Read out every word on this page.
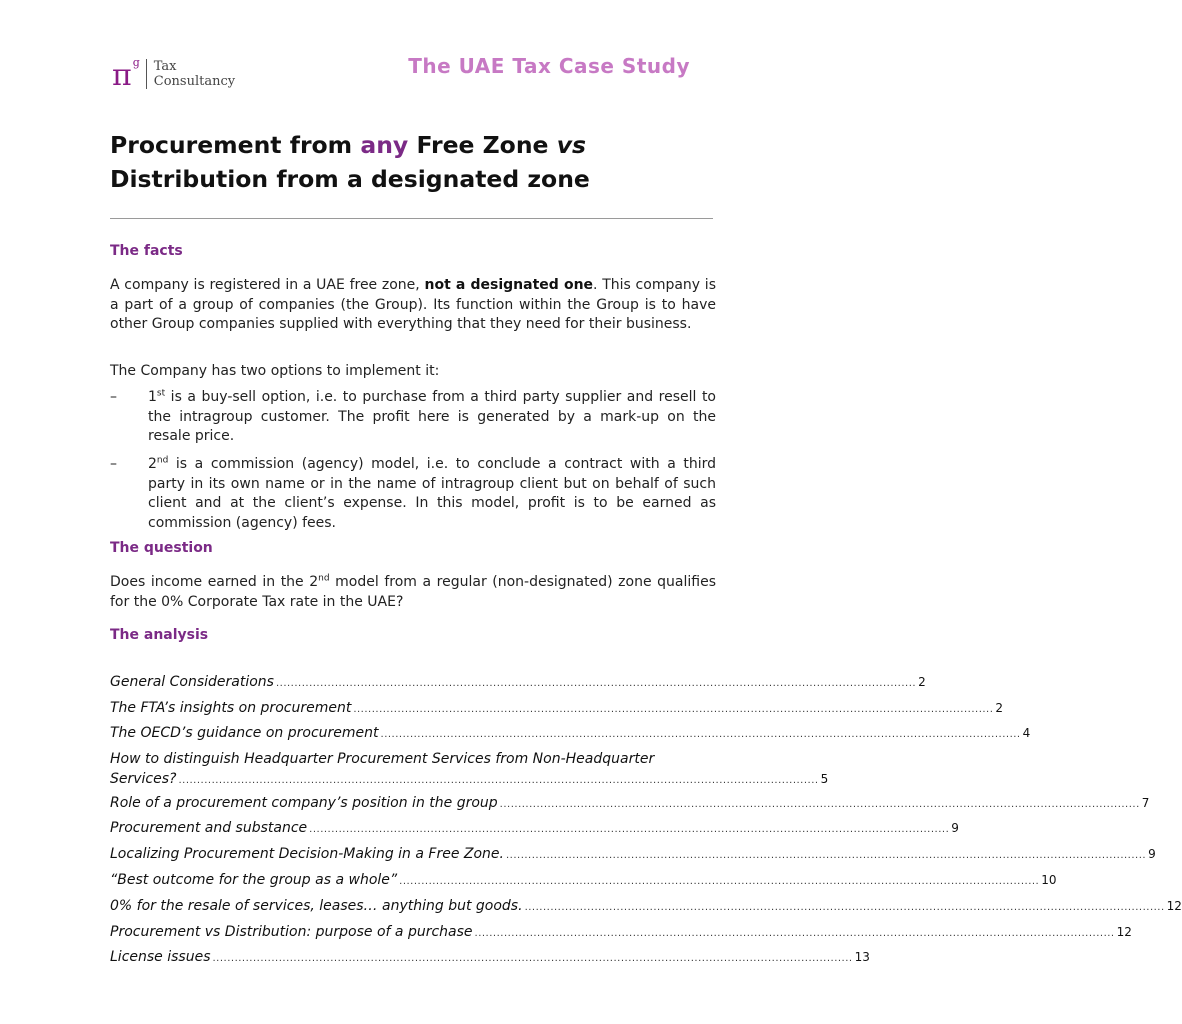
π g Tax
Consultancy
The UAE Tax Case Study
Procurement from any Free Zone vs
Distribution from a designated zone
The facts
A company is registered in a UAE free zone, not a designated one. This company is a part of a group of companies (the Group). Its function within the Group is to have other Group companies supplied with everything that they need for their business.
The Company has two options to implement it:
– 1st is a buy-sell option, i.e. to purchase from a third party supplier and resell to the intragroup customer. The profit here is generated by a mark-up on the resale price.
– 2nd is a commission (agency) model, i.e. to conclude a contract with a third party in its own name or in the name of intragroup client but on behalf of such client and at the client’s expense. In this model, profit is to be earned as commission (agency) fees.
The question
Does income earned in the 2nd model from a regular (non-designated) zone qualifies for the 0% Corporate Tax rate in the UAE?
The analysis
General Considerations .............................................................................................................................................................................. 2
The FTA’s insights on procurement .............................................................................................................................................................................. 2
The OECD’s guidance on procurement .............................................................................................................................................................................. 4
How to distinguish Headquarter Procurement Services from Non-Headquarter
Services? .............................................................................................................................................................................. 5
Role of a procurement company’s position in the group .............................................................................................................................................................................. 7
Procurement and substance .............................................................................................................................................................................. 9
Localizing Procurement Decision-Making in a Free Zone. .............................................................................................................................................................................. 9
“Best outcome for the group as a whole” .............................................................................................................................................................................. 10
0% for the resale of services, leases… anything but goods. .............................................................................................................................................................................. 12
Procurement vs Distribution: purpose of a purchase .............................................................................................................................................................................. 12
License issues .............................................................................................................................................................................. 13
